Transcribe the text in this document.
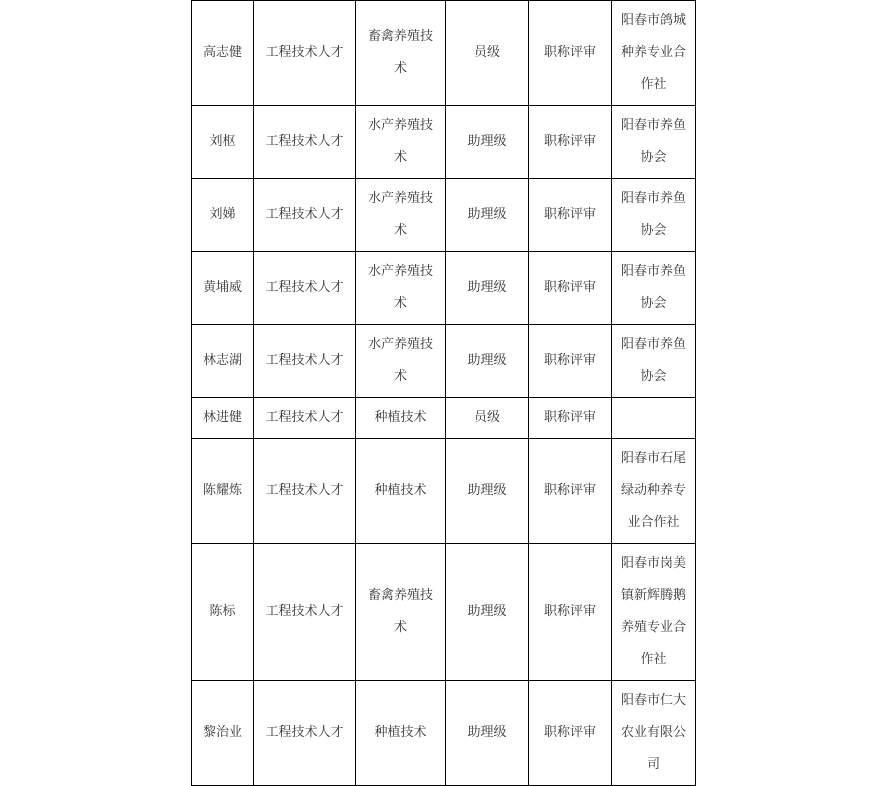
高志健	工程技术人才	畜禽养殖技术	员级	职称评审	阳春市鸽城种养专业合作社
刘枢	工程技术人才	水产养殖技术	助理级	职称评审	阳春市养鱼协会
刘娣	工程技术人才	水产养殖技术	助理级	职称评审	阳春市养鱼协会
黄埔威	工程技术人才	水产养殖技术	助理级	职称评审	阳春市养鱼协会
林志湖	工程技术人才	水产养殖技术	助理级	职称评审	阳春市养鱼协会
林进健	工程技术人才	种植技术	员级	职称评审	
陈耀炼	工程技术人才	种植技术	助理级	职称评审	阳春市石尾绿动种养专业合作社
陈标	工程技术人才	畜禽养殖技术	助理级	职称评审	阳春市岗美镇新辉腾鹅养殖专业合作社
黎治业	工程技术人才	种植技术	助理级	职称评审	阳春市仁大农业有限公司
